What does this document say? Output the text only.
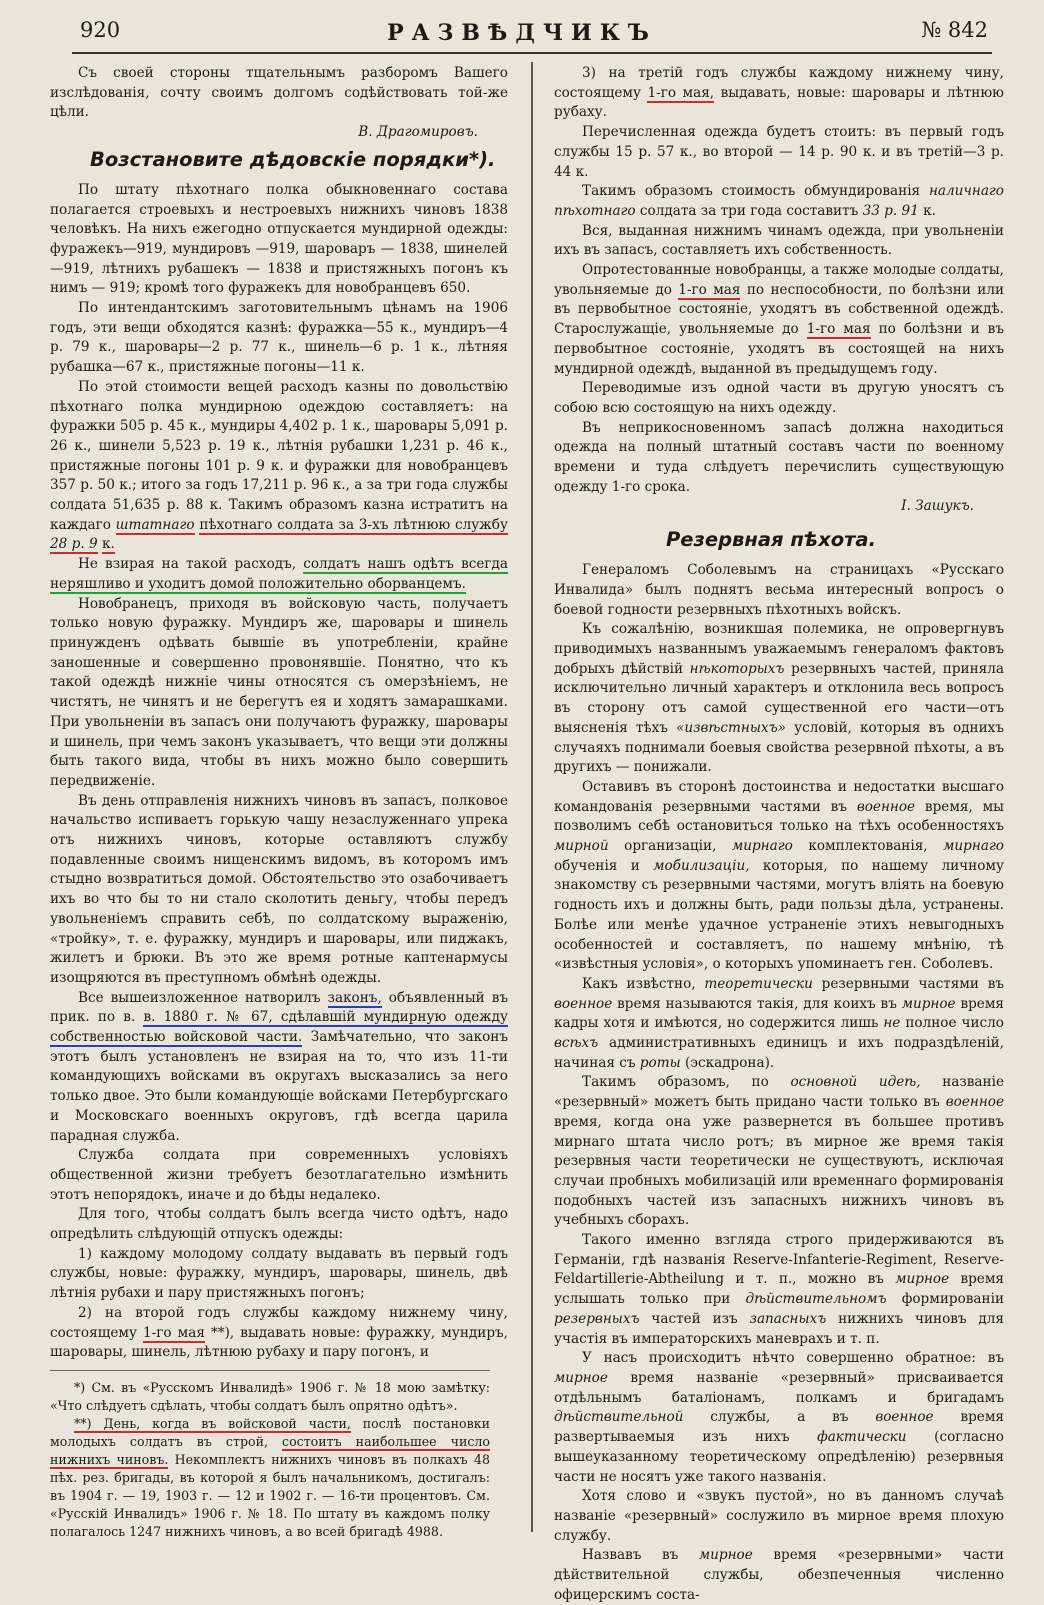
920	РАЗВѢДЧИКЪ	№ 842

Съ своей стороны тщательнымъ разборомъ Вашего изслѣдованія, сочту своимъ долгомъ содѣйствовать той-же цѣли.

В. Драгомировъ.

Возстановите дѣдовскіе порядки*).

По штату пѣхотнаго полка обыкновеннаго состава полагается строевыхъ и нестроевыхъ нижнихъ чиновъ 1838 человѣкъ. На нихъ ежегодно отпускается мундирной одежды: фуражекъ—919, мундировъ —919, шароваръ — 1838, шинелей—919, лѣтнихъ рубашекъ — 1838 и пристяжныхъ погонъ къ нимъ — 919; кромѣ того фуражекъ для новобранцевъ 650.

По интендантскимъ заготовительнымъ цѣнамъ на 1906 годъ, эти вещи обходятся казнѣ: фуражка—55 к., мундиръ—4 р. 79 к., шаровары—2 р. 77 к., шинель—6 р. 1 к., лѣтняя рубашка—67 к., пристяжные погоны—11 к.

По этой стоимости вещей расходъ казны по довольствію пѣхотнаго полка мундирною одеждою составляетъ: на фуражки 505 р. 45 к., мундиры 4,402 р. 1 к., шаровары 5,091 р. 26 к., шинели 5,523 р. 19 к., лѣтнія рубашки 1,231 р. 46 к., пристяжные погоны 101 р. 9 к. и фуражки для новобранцевъ 357 р. 50 к.; итого за годъ 17,211 р. 96 к., а за три года службы солдата 51,635 р. 88 к. Такимъ образомъ казна истратитъ на каждаго штатнаго пѣхотнаго солдата за 3-хъ лѣтнюю службу 28 р. 9 к.

Не взирая на такой расходъ, солдатъ нашъ одѣтъ всегда неряшливо и уходитъ домой положительно оборванцемъ.

Новобранецъ, приходя въ войсковую часть, получаетъ только новую фуражку. Мундиръ же, шаровары и шинель принужденъ одѣвать бывшіе въ употребленіи, крайне заношенные и совершенно провонявшіе. Понятно, что къ такой одеждѣ нижніе чины относятся съ омерзѣніемъ, не чистятъ, не чинятъ и не берегутъ ея и ходятъ замарашками. При увольненіи въ запасъ они получаютъ фуражку, шаровары и шинель, при чемъ законъ указываетъ, что вещи эти должны быть такого вида, чтобы въ нихъ можно было совершить передвиженіе.

Въ день отправленія нижнихъ чиновъ въ запасъ, полковое начальство испиваетъ горькую чашу незаслуженнаго упрека отъ нижнихъ чиновъ, которые оставляютъ службу подавленные своимъ нищенскимъ видомъ, въ которомъ имъ стыдно возвратиться домой. Обстоятельство это озабочиваетъ ихъ во что бы то ни стало сколотить деньгу, чтобы передъ увольненіемъ справить себѣ, по солдатскому выраженію, «тройку», т. е. фуражку, мундиръ и шаровары, или пиджакъ, жилетъ и брюки. Въ это же время ротные каптенармусы изощряются въ преступномъ обмѣнѣ одежды.

Все вышеизложенное натворилъ законъ, объявленный въ прик. по в. в. 1880 г. № 67, сдѣлавшій мундирную одежду собственностью войсковой части. Замѣчательно, что законъ этотъ былъ установленъ не взирая на то, что изъ 11-ти командующихъ войсками въ округахъ высказались за него только двое. Это были командующіе войсками Петербургскаго и Московскаго военныхъ округовъ, гдѣ всегда царила парадная служба.

Служба солдата при современныхъ условіяхъ общественной жизни требуетъ безотлагательно измѣнить этотъ непорядокъ, иначе и до бѣды недалеко.

Для того, чтобы солдатъ былъ всегда чисто одѣтъ, надо опредѣлить слѣдующій отпускъ одежды:

1) каждому молодому солдату выдавать въ первый годъ службы, новые: фуражку, мундиръ, шаровары, шинель, двѣ лѣтнія рубахи и пару пристяжныхъ погонъ;

2) на второй годъ службы каждому нижнему чину, состоящему 1-го мая **), выдавать новые: фуражку, мундиръ, шаровары, шинель, лѣтнюю рубаху и пару погонъ, и

*) См. въ «Русскомъ Инвалидѣ» 1906 г. № 18 мою замѣтку: «Что слѣдуетъ сдѣлать, чтобы солдатъ былъ опрятно одѣтъ».

**) День, когда въ войсковой части, послѣ постановки молодыхъ солдатъ въ строй, состоитъ наибольшее число нижнихъ чиновъ. Некомплектъ нижнихъ чиновъ въ полкахъ 48 пѣх. рез. бригады, въ которой я былъ начальникомъ, достигалъ: въ 1904 г. — 19, 1903 г. — 12 и 1902 г. — 16-ти процентовъ. См. «Русскій Инвалидъ» 1906 г. № 18. По штату въ каждомъ полку полагалось 1247 нижнихъ чиновъ, а во всей бригадѣ 4988.

3) на третій годъ службы каждому нижнему чину, состоящему 1-го мая, выдавать, новые: шаровары и лѣтнюю рубаху.

Перечисленная одежда будетъ стоить: въ первый годъ службы 15 р. 57 к., во второй — 14 р. 90 к. и въ третій—3 р. 44 к.

Такимъ образомъ стоимость обмундированія наличнаго пѣхотнаго солдата за три года составитъ 33 р. 91 к.

Вся, выданная нижнимъ чинамъ одежда, при увольненіи ихъ въ запасъ, составляетъ ихъ собственность.

Опротестованные новобранцы, а также молодые солдаты, увольняемые до 1-го мая по неспособности, по болѣзни или въ первобытное состояніе, уходятъ въ собственной одеждѣ. Старослужащіе, увольняемые до 1-го мая по болѣзни и въ первобытное состояніе, уходятъ въ состоящей на нихъ мундирной одеждѣ, выданной въ предыдущемъ году.

Переводимые изъ одной части въ другую уносятъ съ собою всю состоящую на нихъ одежду.

Въ неприкосновенномъ запасѣ должна находиться одежда на полный штатный составъ части по военному времени и туда слѣдуетъ перечислить существующую одежду 1-го срока.

І. Зашукъ.

Резервная пѣхота.

Генераломъ Соболевымъ на страницахъ «Русскаго Инвалида» былъ поднятъ весьма интересный вопросъ о боевой годности резервныхъ пѣхотныхъ войскъ.

Къ сожалѣнію, возникшая полемика, не опровергнувъ приводимыхъ названнымъ уважаемымъ генераломъ фактовъ добрыхъ дѣйствій нѣкоторыхъ резервныхъ частей, приняла исключительно личный характеръ и отклонила весь вопросъ въ сторону отъ самой существенной его части—отъ выясненія тѣхъ «извѣстныхъ» условій, которыя въ однихъ случаяхъ поднимали боевыя свойства резервной пѣхоты, а въ другихъ — понижали.

Оставивъ въ сторонѣ достоинства и недостатки высшаго командованія резервными частями въ военное время, мы позволимъ себѣ остановиться только на тѣхъ особенностяхъ мирной организаціи, мирнаго комплектованія, мирнаго обученія и мобилизаціи, которыя, по нашему личному знакомству съ резервными частями, могутъ вліять на боевую годность ихъ и должны быть, ради пользы дѣла, устранены. Болѣе или менѣе удачное устраненіе этихъ невыгодныхъ особенностей и составляетъ, по нашему мнѣнію, тѣ «извѣстныя условія», о которыхъ упоминаетъ ген. Соболевъ.

Какъ извѣстно, теоретически резервными частями въ военное время называются такія, для коихъ въ мирное время кадры хотя и имѣются, но содержится лишь не полное число всѣхъ административныхъ единицъ и ихъ подраздѣленій, начиная съ роты (эскадрона).

Такимъ образомъ, по основной идеѣ, названіе «резервный» можетъ быть придано части только въ военное время, когда она уже развернется въ большее противъ мирнаго штата число ротъ; въ мирное же время такія резервныя части теоретически не существуютъ, исключая случаи пробныхъ мобилизацій или временнаго формированія подобныхъ частей изъ запасныхъ нижнихъ чиновъ въ учебныхъ сборахъ.

Такого именно взгляда строго придерживаются въ Германіи, гдѣ названія Reserve-Infanterie-Regiment, Reserve-Feldartillerie-Abtheilung и т. п., можно въ мирное время услышать только при дѣйствительномъ формированіи резервныхъ частей изъ запасныхъ нижнихъ чиновъ для участія въ императорскихъ маневрахъ и т. п.

У насъ происходитъ нѣчто совершенно обратное: въ мирное время названіе «резервный» присваивается отдѣльнымъ баталіонамъ, полкамъ и бригадамъ дѣйствительной службы, а въ военное время развертываемыя изъ нихъ фактически (согласно вышеуказанному теоретическому опредѣленію) резервныя части не носятъ уже такого названія.

Хотя слово и «звукъ пустой», но въ данномъ случаѣ названіе «резервный» сослужило въ мирное время плохую службу.

Назвавъ въ мирное время «резервными» части дѣйствительной службы, обезпеченныя численно офицерскимъ соста-
